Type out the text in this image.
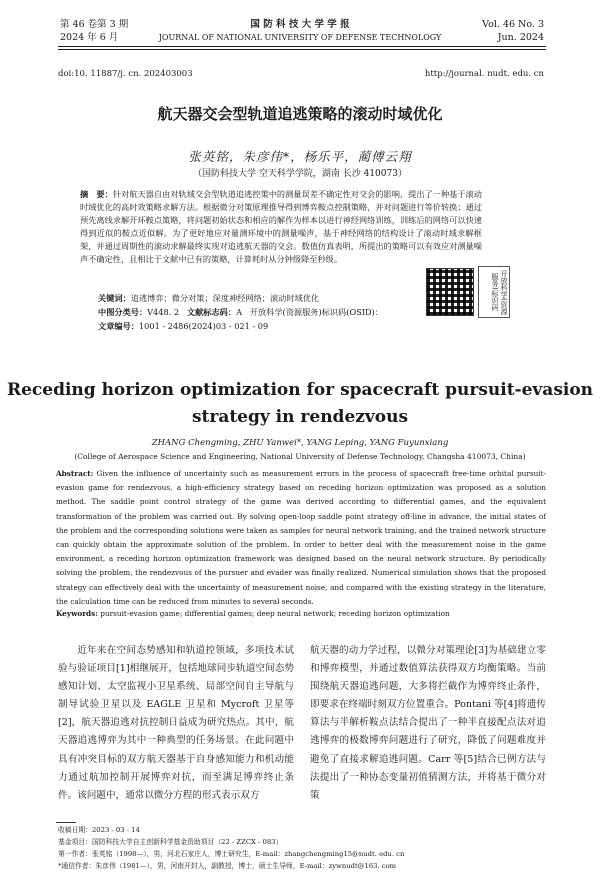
第 46 卷第 3 期
2024 年 6 月
国 防 科 技 大 学 学 报
JOURNAL OF NATIONAL UNIVERSITY OF DEFENSE TECHNOLOGY
Vol. 46 No. 3
Jun. 2024
doi:10. 11887/j. cn. 202403003	http://journal. nudt. edu. cn
航天器交会型轨道追逃策略的滚动时域优化
张英铭，朱彦伟*，杨乐平，蔺傅云翔
（国防科技大学 空天科学学院，湖南 长沙 410073）
摘　要：针对航天器自由对轨域交会型轨道追逃控策中的测量误差不确定性对交会的影响，提出了一种基于滚动时域优化的高时效策略求解方法。根据微分对策原理推导得到博弈鞍点控制策略，并对问题进行等价转换；通过预先离线求解开环鞍点策略，将问题初始状态和相应的解作为样本以进行神经网络训练，训练后的网络可以快速得到近似的鞍点近似解。为了更好地应对量测环境中的测量噪声，基于神经网络的结构设计了滚动时域求解框架，并通过周期性的滚动求解最终实现对追逃航天器的交会。数值仿真表明，所提出的策略可以有效应对测量噪声不确定性，且相比于文献中已有的策略，计算耗时从分钟级降至秒级。
关键词：追逃博弈；微分对策；深度神经网络；滚动时域优化
中图分类号：V448. 2 文献标志码：A 开放科学(资源服务)标识码(OSID)：
文章编号：1001 - 2486(2024)03 - 021 - 09
开放科学(资源服务)标识码
Receding horizon optimization for spacecraft pursuit-evasion
strategy in rendezvous
ZHANG Chengming, ZHU Yanwei*, YANG Leping, YANG Fuyunxiang
(College of Aerospace Science and Engineering, National University of Defense Technology, Changsha 410073, China)
Abstract: Given the influence of uncertainty such as measurement errors in the process of spacecraft free-time orbital pursuit-evasion game for rendezvous, a high-efficiency strategy based on receding horizon optimization was proposed as a solution method. The saddle point control strategy of the game was derived according to differential games, and the equivalent transformation of the problem was carried out. By solving open-loop saddle point strategy off-line in advance, the initial states of the problem and the corresponding solutions were taken as samples for neural network training, and the trained network structure can quickly obtain the approximate solution of the problem. In order to better deal with the measurement noise in the game environment, a receding horizon optimization framework was designed based on the neural network structure. By periodically solving the problem, the rendezvous of the pursuer and evader was finally realized. Numerical simulation shows that the proposed strategy can effectively deal with the uncertainty of measurement noise, and compared with the existing strategy in the literature, the calculation time can be reduced from minutes to several seconds.
Keywords: pursuit-evasion game; differential games; deep neural network; receding horizon optimization
近年来在空间态势感知和轨道控领域，多项技术试验与验证项目[1]相继展开，包括地球同步轨道空间态势感知计划、太空监视小卫星系统、局部空间自主导航与制导试验卫星以及 EAGLE 卫星和 Mycroft 卫星等[2]，航天器追逃对抗控制日益成为研究热点。其中，航天器追逃博弈为其中一种典型的任务场景。在此问题中具有冲突目标的双方航天器基于自身感知能力和机动能力通过航加控制开展博弈对抗，而至满足博弈终止条件。该问题中，通常以微分方程的形式表示双方
航天器的动力学过程，以微分对策理论[3]为基础建立零和博弈模型，并通过数值算法获得双方均衡策略。当前围绕航天器追逃问题，大多将拦截作为博弈终止条件，即要求在终端时刻双方位置重合。Pontani 等[4]将遗传算法与半解析鞍点法结合提出了一种半直接配点法对追逃博弈的极数博弈问题进行了研究，降低了问题难度并避免了直接求解追逃问题。Carr 等[5]结合已例方法与法提出了一种协态变量初值猜测方法，并将基于微分对策
收稿日期：2023 - 03 - 14
基金项目：国防科技大学自主创新科学基金资助项目（22 - ZZCX - 083）
第一作者：张英铭（1998—），男，河北石家庄人，博士研究生，E-mail：zhangchengming15@nudt. edu. cn
*通信作者：朱彦伟（1981—），男，河南开封人，副教授，博士，硕士生导师，E-mail：zywnudt@163. com
